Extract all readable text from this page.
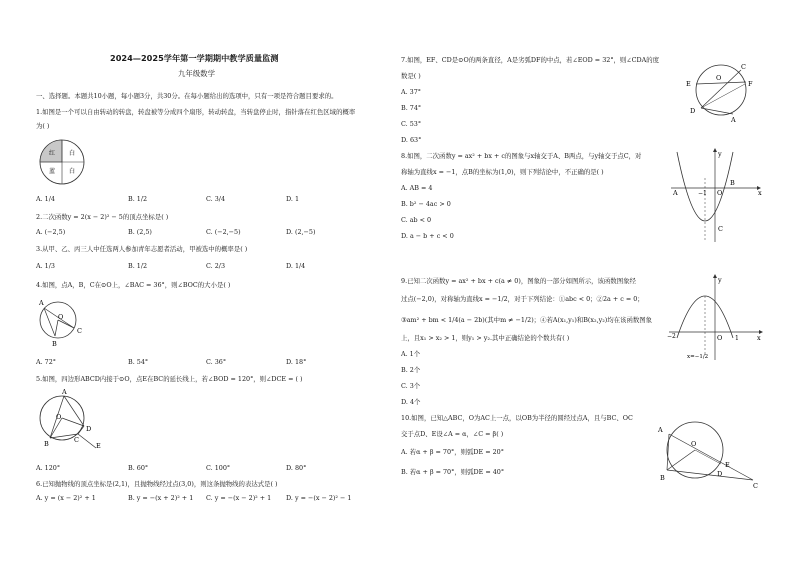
2024—2025学年第一学期期中教学质量监测
九年级数学
一、选择题。本题共10小题，每小题3分，共30分。在每小题给出的选项中，只有一项是符合题目要求的。
1.如图是一个可以自由转动的转盘，转盘被等分成四个扇形，转动转盘，当转盘停止时，指针落在红色区域的概率
为( )
红 白
蓝 白
A. 1/4	B. 1/2	C. 3/4	D. 1
2.二次函数y = 2(x − 2)² − 5的顶点坐标是( )
A. (−2,5)	B. (2,5)	C. (−2,−5)	D. (2,−5)
3.从甲、乙、丙三人中任选两人参加青年志愿者活动，甲被选中的概率是( )
A. 1/3	B. 1/2	C. 2/3	D. 1/4
4.如图，点A，B，C在⊙O上，∠BAC = 36°，则∠BOC的大小是( )
A
B
O
C
A. 72°	B. 54°	C. 36°	D. 18°
5.如图，四边形ABCD内接于⊙O，点E在BC的延长线上，若∠BOD = 120°，则∠DCE = ( )
A
O
B	C
D
E
A. 120°	B. 60°	C. 100°	D. 80°
6.已知抛物线的顶点坐标是(2,1)，且抛物线经过点(3,0)，则这条抛物线的表达式是( )
A. y = (x − 2)² + 1	B. y = −(x + 2)² + 1 C. y = −(x − 2)² + 1 D. y = −(x − 2)² − 1
7.如图，EF、CD是⊙O的两条直径，A是劣弧DF的中点，若∠EOD = 32°，则∠CDA的度
数是( )
A. 37°
B. 74°
C. 53°
D. 63°
E
O
C
F
D
A
8.如图，二次函数y = ax² + bx + c的图象与x轴交于A、B两点，与y轴交于点C，对
称轴为直线x = −1，点B的坐标为(1,0)，则下列结论中，不正确的是( )
A. AB = 4
B. b² − 4ac > 0
C. ab < 0
D. a − b + c < 0
y
A	−1 O
B
x
C
9.已知二次函数y = ax² + bx + c(a ≠ 0)，图象的一部分如图所示，该函数图象经
过点(−2,0)，对称轴为直线x = −1/2，对于下列结论：①abc < 0；②2a + c = 0；
③am² + bm < 1/4(a − 2b)(其中m ≠ −1/2)；④若A(x₁,y₁)和B(x₂,y₂)均在该函数图象
上，且x₁ > x₂ > 1，则y₁ > y₂.其中正确结论的个数共有( )
A. 1个
B. 2个
C. 3个
D. 4个
y
−2	O 1	x
x=−1/2
10.如图，已知△ABC，O为AC上一点，以OB为半径的圆经过点A，且与BC、OC
交于点D、E设∠A = α，∠C = β( )
A. 若α + β = 70°，则弧DE = 20°
B. 若α + β = 70°，则弧DE = 40°
A
O
D
E
B
C
